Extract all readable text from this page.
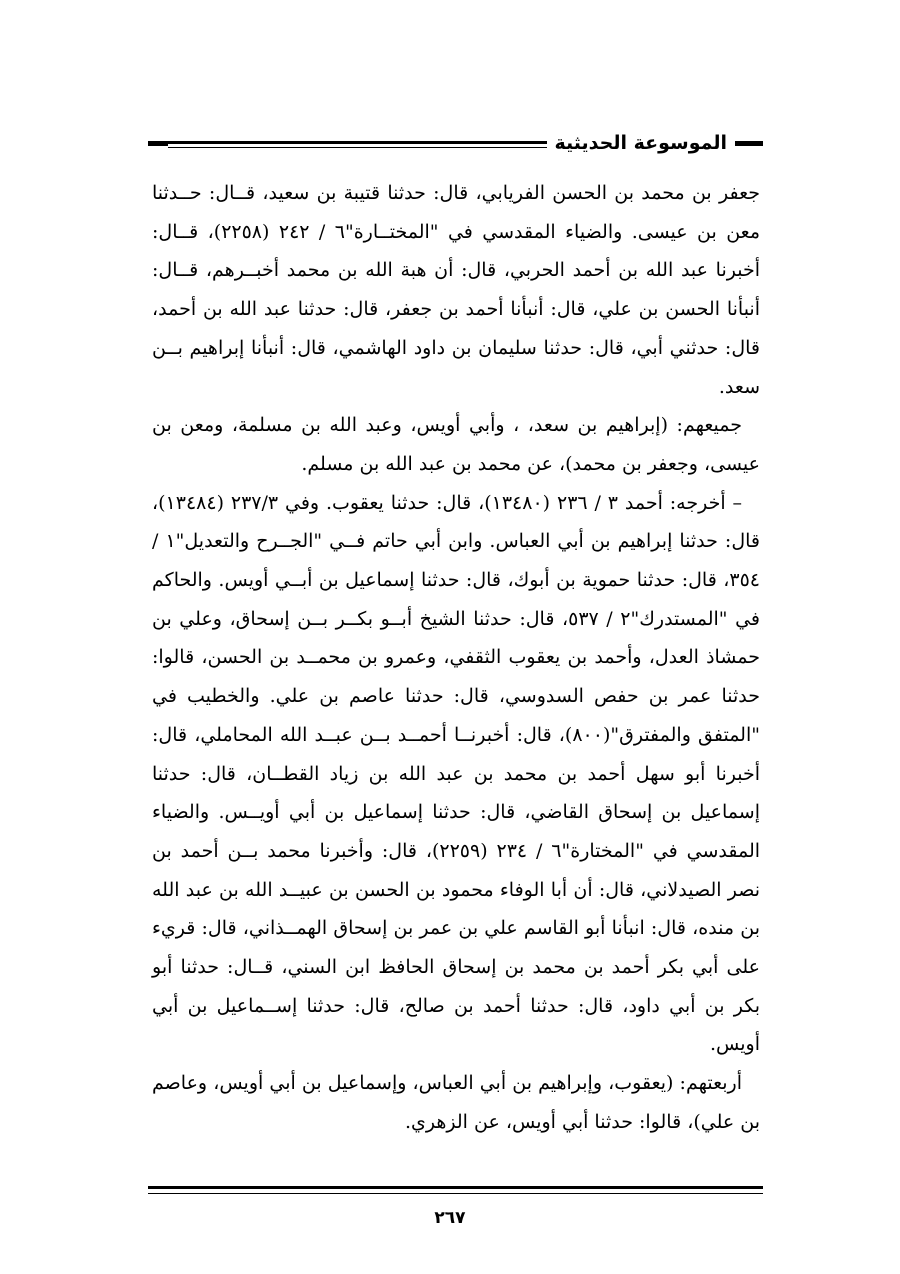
الموسوعة الحديثية

جعفر بن محمد بن الحسن الفريابي، قال: حدثنا قتيبة بن سعيد، قــال: حــدثنا معن بن عيسى. والضياء المقدسي في "المختــارة"٦ / ٢٤٢ (٢٢٥٨)، قــال: أخبرنا عبد الله بن أحمد الحربي، قال: أن هبة الله بن محمد أخبــرهم، قــال: أنبأنا الحسن بن علي، قال: أنبأنا أحمد بن جعفر، قال: حدثنا عبد الله بن أحمد، قال: حدثني أبي، قال: حدثنا سليمان بن داود الهاشمي، قال: أنبأنا إبراهيم بــن سعد.

جميعهم: (إبراهيم بن سعد، ، وأبي أويس، وعبد الله بن مسلمة، ومعن بن عيسى، وجعفر بن محمد)، عن محمد بن عبد الله بن مسلم.

– أخرجه: أحمد ٣ / ٢٣٦ (١٣٤٨٠)، قال: حدثنا يعقوب. وفي ٢٣٧/٣ (١٣٤٨٤)، قال: حدثنا إبراهيم بن أبي العباس. وابن أبي حاتم فــي "الجــرح والتعديل"١ / ٣٥٤، قال: حدثنا حموية بن أبوك، قال: حدثنا إسماعيل بن أبــي أويس. والحاكم في "المستدرك"٢ / ٥٣٧، قال: حدثنا الشيخ أبــو بكــر بــن إسحاق، وعلي بن حمشاذ العدل، وأحمد بن يعقوب الثقفي، وعمرو بن محمــد بن الحسن، قالوا: حدثنا عمر بن حفص السدوسي، قال: حدثنا عاصم بن علي. والخطيب في "المتفق والمفترق"(٨٠٠)، قال: أخبرنــا أحمــد بــن عبــد الله المحاملي، قال: أخبرنا أبو سهل أحمد بن محمد بن عبد الله بن زياد القطــان، قال: حدثنا إسماعيل بن إسحاق القاضي، قال: حدثنا إسماعيل بن أبي أويــس. والضياء المقدسي في "المختارة"٦ / ٢٣٤ (٢٢٥٩)، قال: وأخبرنا محمد بــن أحمد بن نصر الصيدلاني، قال: أن أبا الوفاء محمود بن الحسن بن عبيــد الله بن عبد الله بن منده، قال: انبأنا أبو القاسم علي بن عمر بن إسحاق الهمــذاني، قال: قريء على أبي بكر أحمد بن محمد بن إسحاق الحافظ ابن السني، قــال: حدثنا أبو بكر بن أبي داود، قال: حدثنا أحمد بن صالح، قال: حدثنا إســماعيل بن أبي أويس.

أربعتهم: (يعقوب، وإبراهيم بن أبي العباس، وإسماعيل بن أبي أويس، وعاصم بن علي)، قالوا: حدثنا أبي أويس، عن الزهري.

٢٦٧
